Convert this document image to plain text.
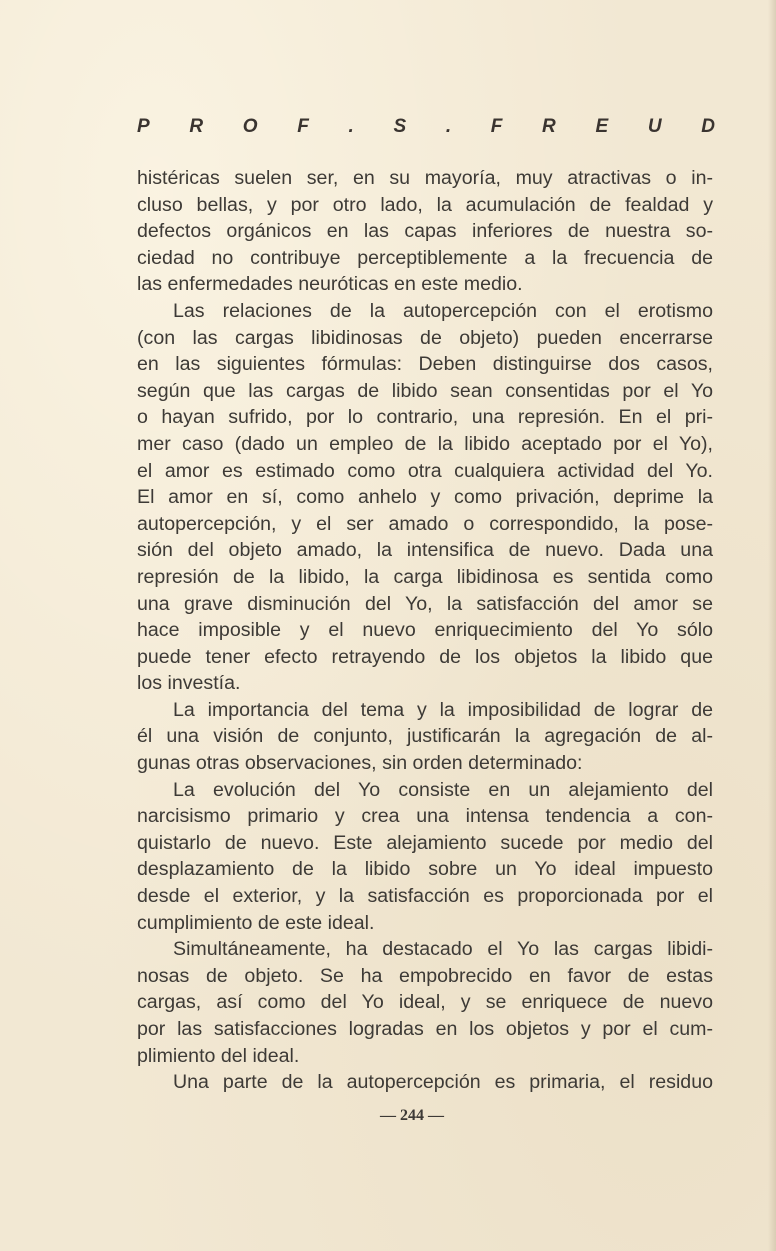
P R O F . S . F R E U D
histéricas suelen ser, en su mayoría, muy atractivas o in-
cluso bellas, y por otro lado, la acumulación de fealdad y
defectos orgánicos en las capas inferiores de nuestra so-
ciedad no contribuye perceptiblemente a la frecuencia de
las enfermedades neuróticas en este medio.
Las relaciones de la autopercepción con el erotismo
(con las cargas libidinosas de objeto) pueden encerrarse
en las siguientes fórmulas: Deben distinguirse dos casos,
según que las cargas de libido sean consentidas por el Yo
o hayan sufrido, por lo contrario, una represión. En el pri-
mer caso (dado un empleo de la libido aceptado por el Yo),
el amor es estimado como otra cualquiera actividad del Yo.
El amor en sí, como anhelo y como privación, deprime la
autopercepción, y el ser amado o correspondido, la pose-
sión del objeto amado, la intensifica de nuevo. Dada una
represión de la libido, la carga libidinosa es sentida como
una grave disminución del Yo, la satisfacción del amor se
hace imposible y el nuevo enriquecimiento del Yo sólo
puede tener efecto retrayendo de los objetos la libido que
los investía.
La importancia del tema y la imposibilidad de lograr de
él una visión de conjunto, justificarán la agregación de al-
gunas otras observaciones, sin orden determinado:
La evolución del Yo consiste en un alejamiento del
narcisismo primario y crea una intensa tendencia a con-
quistarlo de nuevo. Este alejamiento sucede por medio del
desplazamiento de la libido sobre un Yo ideal impuesto
desde el exterior, y la satisfacción es proporcionada por el
cumplimiento de este ideal.
Simultáneamente, ha destacado el Yo las cargas libidi-
nosas de objeto. Se ha empobrecido en favor de estas
cargas, así como del Yo ideal, y se enriquece de nuevo
por las satisfacciones logradas en los objetos y por el cum-
plimiento del ideal.
Una parte de la autopercepción es primaria, el residuo
— 244 —
